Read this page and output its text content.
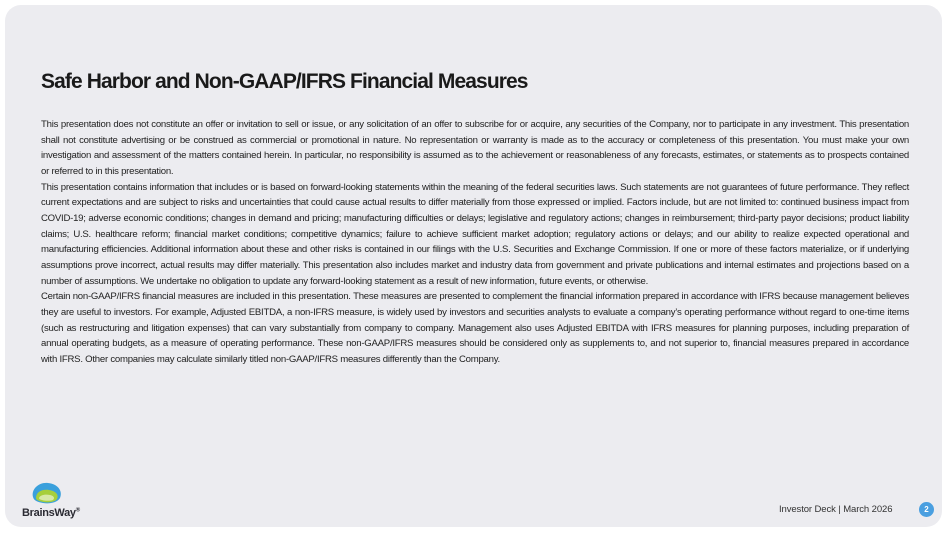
Safe Harbor and Non-GAAP/IFRS Financial Measures

This presentation does not constitute an offer or invitation to sell or issue, or any solicitation of an offer to subscribe for or acquire, any securities of the Company, nor to participate in any investment. This presentation shall not constitute advertising or be construed as commercial or promotional in nature. No representation or warranty is made as to the accuracy or completeness of this presentation. You must make your own investigation and assessment of the matters contained herein. In particular, no responsibility is assumed as to the achievement or reasonableness of any forecasts, estimates, or statements as to prospects contained or referred to in this presentation.

This presentation contains information that includes or is based on forward-looking statements within the meaning of the federal securities laws. Such statements are not guarantees of future performance. They reflect current expectations and are subject to risks and uncertainties that could cause actual results to differ materially from those expressed or implied. Factors include, but are not limited to: continued business impact from COVID-19; adverse economic conditions; changes in demand and pricing; manufacturing difficulties or delays; legislative and regulatory actions; changes in reimbursement; third-party payor decisions; product liability claims; U.S. healthcare reform; financial market conditions; competitive dynamics; failure to achieve sufficient market adoption; regulatory actions or delays; and our ability to realize expected operational and manufacturing efficiencies. Additional information about these and other risks is contained in our filings with the U.S. Securities and Exchange Commission. If one or more of these factors materialize, or if underlying assumptions prove incorrect, actual results may differ materially. This presentation also includes market and industry data from government and private publications and internal estimates and projections based on a number of assumptions. We undertake no obligation to update any forward-looking statement as a result of new information, future events, or otherwise.

Certain non-GAAP/IFRS financial measures are included in this presentation. These measures are presented to complement the financial information prepared in accordance with IFRS because management believes they are useful to investors. For example, Adjusted EBITDA, a non-IFRS measure, is widely used by investors and securities analysts to evaluate a company’s operating performance without regard to one-time items (such as restructuring and litigation expenses) that can vary substantially from company to company. Management also uses Adjusted EBITDA with IFRS measures for planning purposes, including preparation of annual operating budgets, as a measure of operating performance. These non-GAAP/IFRS measures should be considered only as supplements to, and not superior to, financial measures prepared in accordance with IFRS. Other companies may calculate similarly titled non-GAAP/IFRS measures differently than the Company.

BrainsWay®	Investor Deck | March 2026	2
